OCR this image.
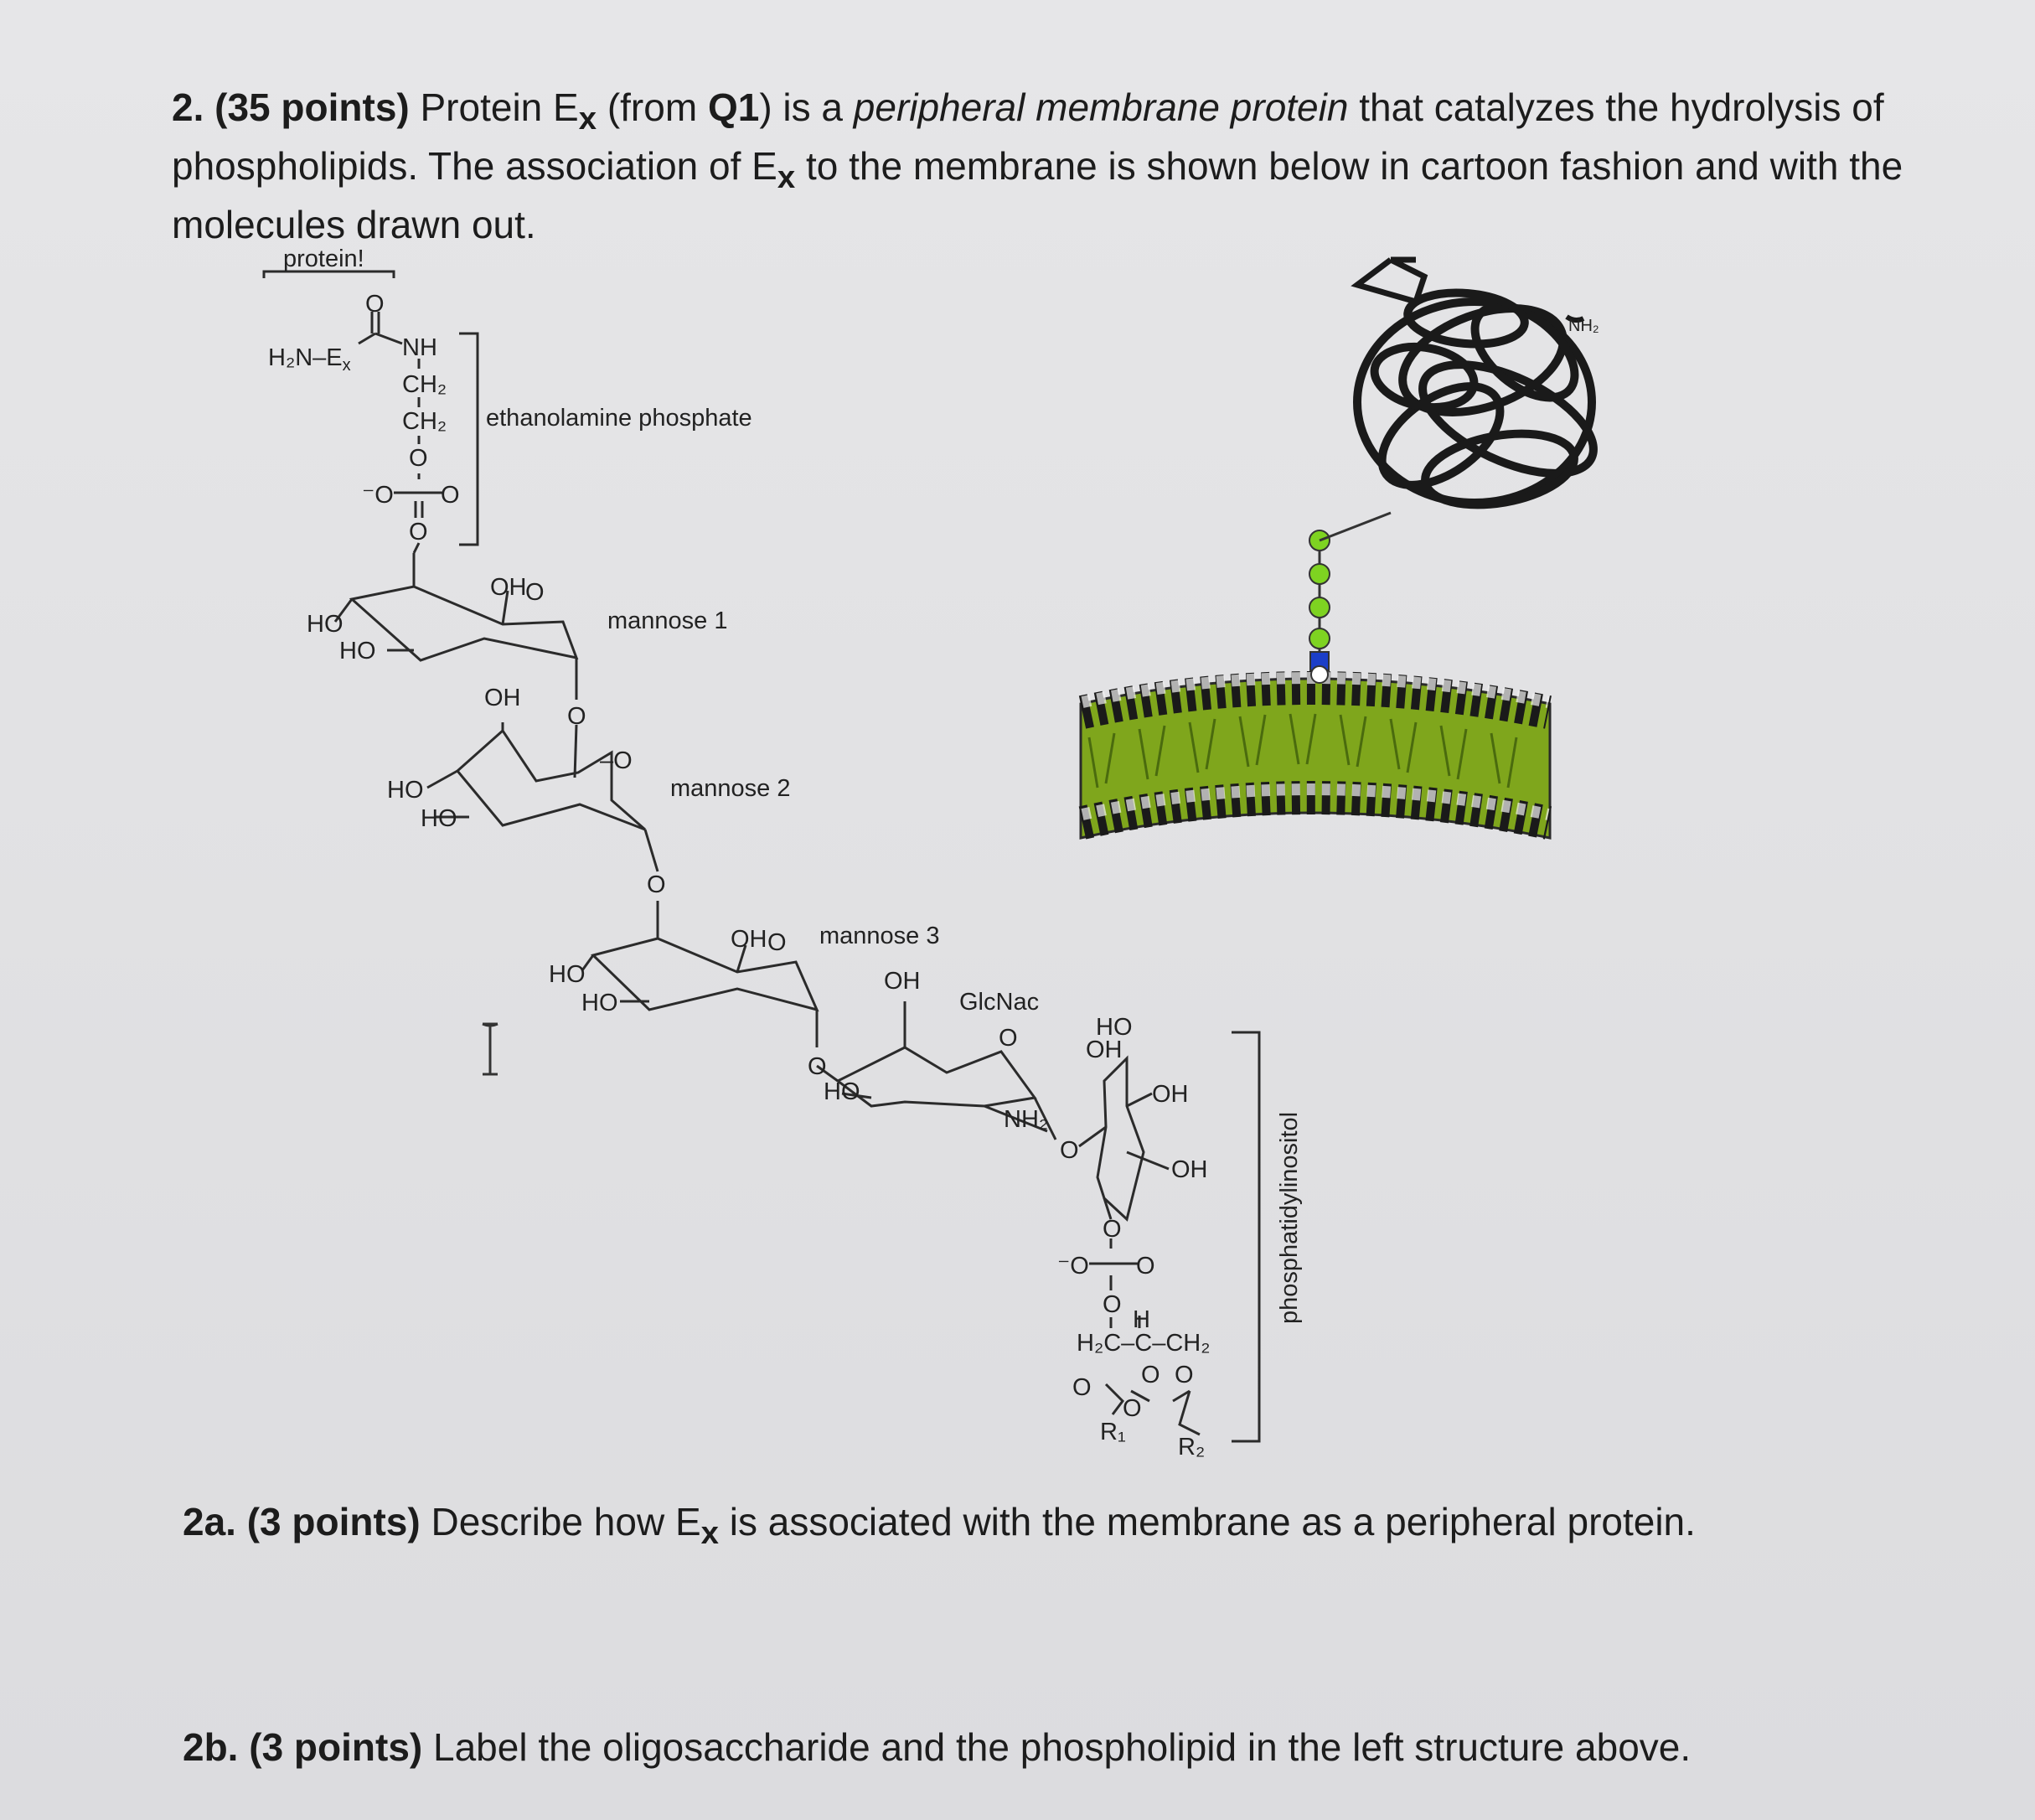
2. (35 points) Protein $E_x$ (from Q1) is a peripheral membrane protein that catalyzes the hydrolysis of phospholipids. The association of $E_x$ to the membrane is shown below in cartoon fashion and with the molecules drawn out.
protein!
O
H₂N–$E_x$
NH
CH₂
CH₂ ethanolamine phosphate
O
⁻O O
O
OH
O
HO
HO
mannose 1
OH
O
–O
HO
HO
mannose 2
O
OH O mannose 3
HO
HO
OH
GlcNac
O
O
HO
NH₂
O
HO
OH
OH
OH
O
⁻O O
O
H
H₂C–C–CH₂
O O
O
O
R₁
R₂
phosphatidylinositol
NH₂
2a. (3 points) Describe how $E_x$ is associated with the membrane as a peripheral protein.
2b. (3 points) Label the oligosaccharide and the phospholipid in the left structure above.
